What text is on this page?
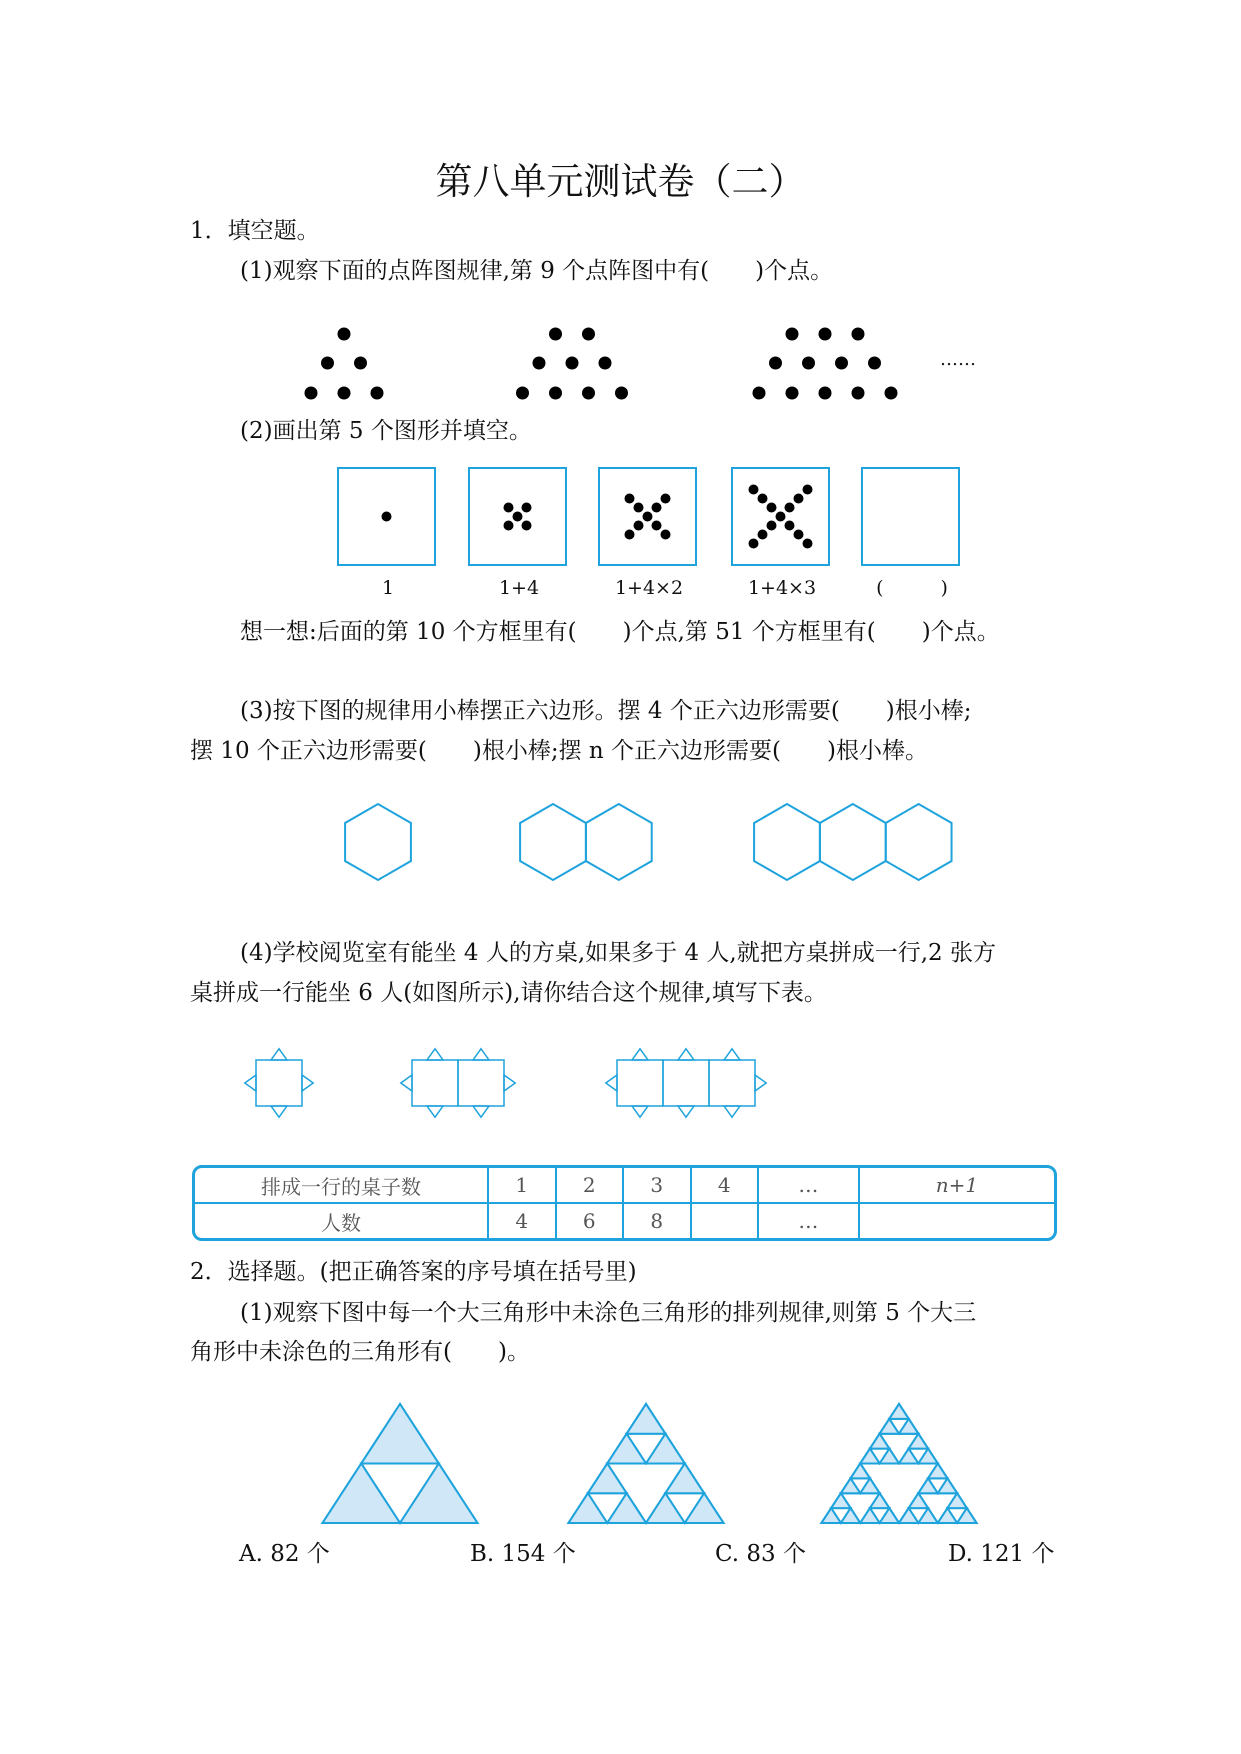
第八单元测试卷（二）
1．填空题。
(1)观察下面的点阵图规律,第 9 个点阵图中有(　　)个点。
……
(2)画出第 5 个图形并填空。
1	1+4	1+4×2	1+4×3	(　　　)
想一想:后面的第 10 个方框里有(　　)个点,第 51 个方框里有(　　)个点。
(3)按下图的规律用小棒摆正六边形。摆 4 个正六边形需要(　　)根小棒;
摆 10 个正六边形需要(　　)根小棒;摆 n 个正六边形需要(　　)根小棒。
(4)学校阅览室有能坐 4 人的方桌,如果多于 4 人,就把方桌拼成一行,2 张方
桌拼成一行能坐 6 人(如图所示),请你结合这个规律,填写下表。
排成一行的桌子数	1	2	3	4	…	n+1
人数	4	6	8		…	
2．选择题。(把正确答案的序号填在括号里)
(1)观察下图中每一个大三角形中未涂色三角形的排列规律,则第 5 个大三
角形中未涂色的三角形有(　　)。
A. 82 个	B. 154 个	C. 83 个	D. 121 个
